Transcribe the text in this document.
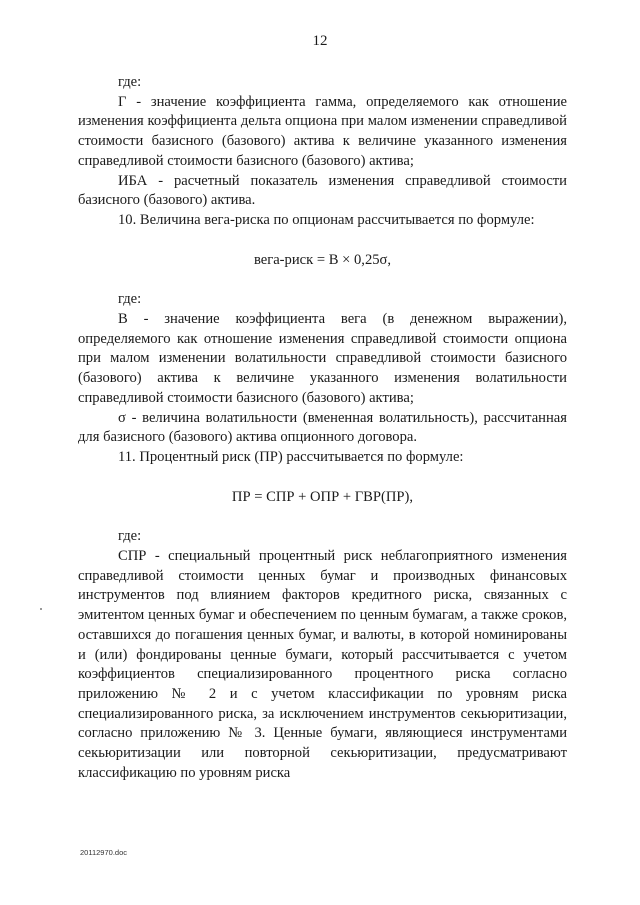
12

где:

Г - значение коэффициента гамма, определяемого как отношение изменения коэффициента дельта опциона при малом изменении справедливой стоимости базисного (базового) актива к величине указанного изменения справедливой стоимости базисного (базового) актива;

ИБА - расчетный показатель изменения справедливой стоимости базисного (базового) актива.

10. Величина вега-риска по опционам рассчитывается по формуле:

вега-риск = В × 0,25σ,

где:

В - значение коэффициента вега (в денежном выражении), определяемого как отношение изменения справедливой стоимости опциона при малом изменении волатильности справедливой стоимости базисного (базового) актива к величине указанного изменения волатильности справедливой стоимости базисного (базового) актива;

σ - величина волатильности (вмененная волатильность), рассчитанная для базисного (базового) актива опционного договора.

11. Процентный риск (ПР) рассчитывается по формуле:

ПР = СПР + ОПР + ГВР(ПР),

где:

СПР - специальный процентный риск неблагоприятного изменения справедливой стоимости ценных бумаг и производных финансовых инструментов под влиянием факторов кредитного риска, связанных с эмитентом ценных бумаг и обеспечением по ценным бумагам, а также сроков, оставшихся до погашения ценных бумаг, и валюты, в которой номинированы и (или) фондированы ценные бумаги, который рассчитывается с учетом коэффициентов специализированного процентного риска согласно приложению № 2 и с учетом классификации по уровням риска специализированного риска, за исключением инструментов секьюритизации, согласно приложению № 3. Ценные бумаги, являющиеся инструментами секьюритизации или повторной секьюритизации, предусматривают классификацию по уровням риска

20112970.doc
